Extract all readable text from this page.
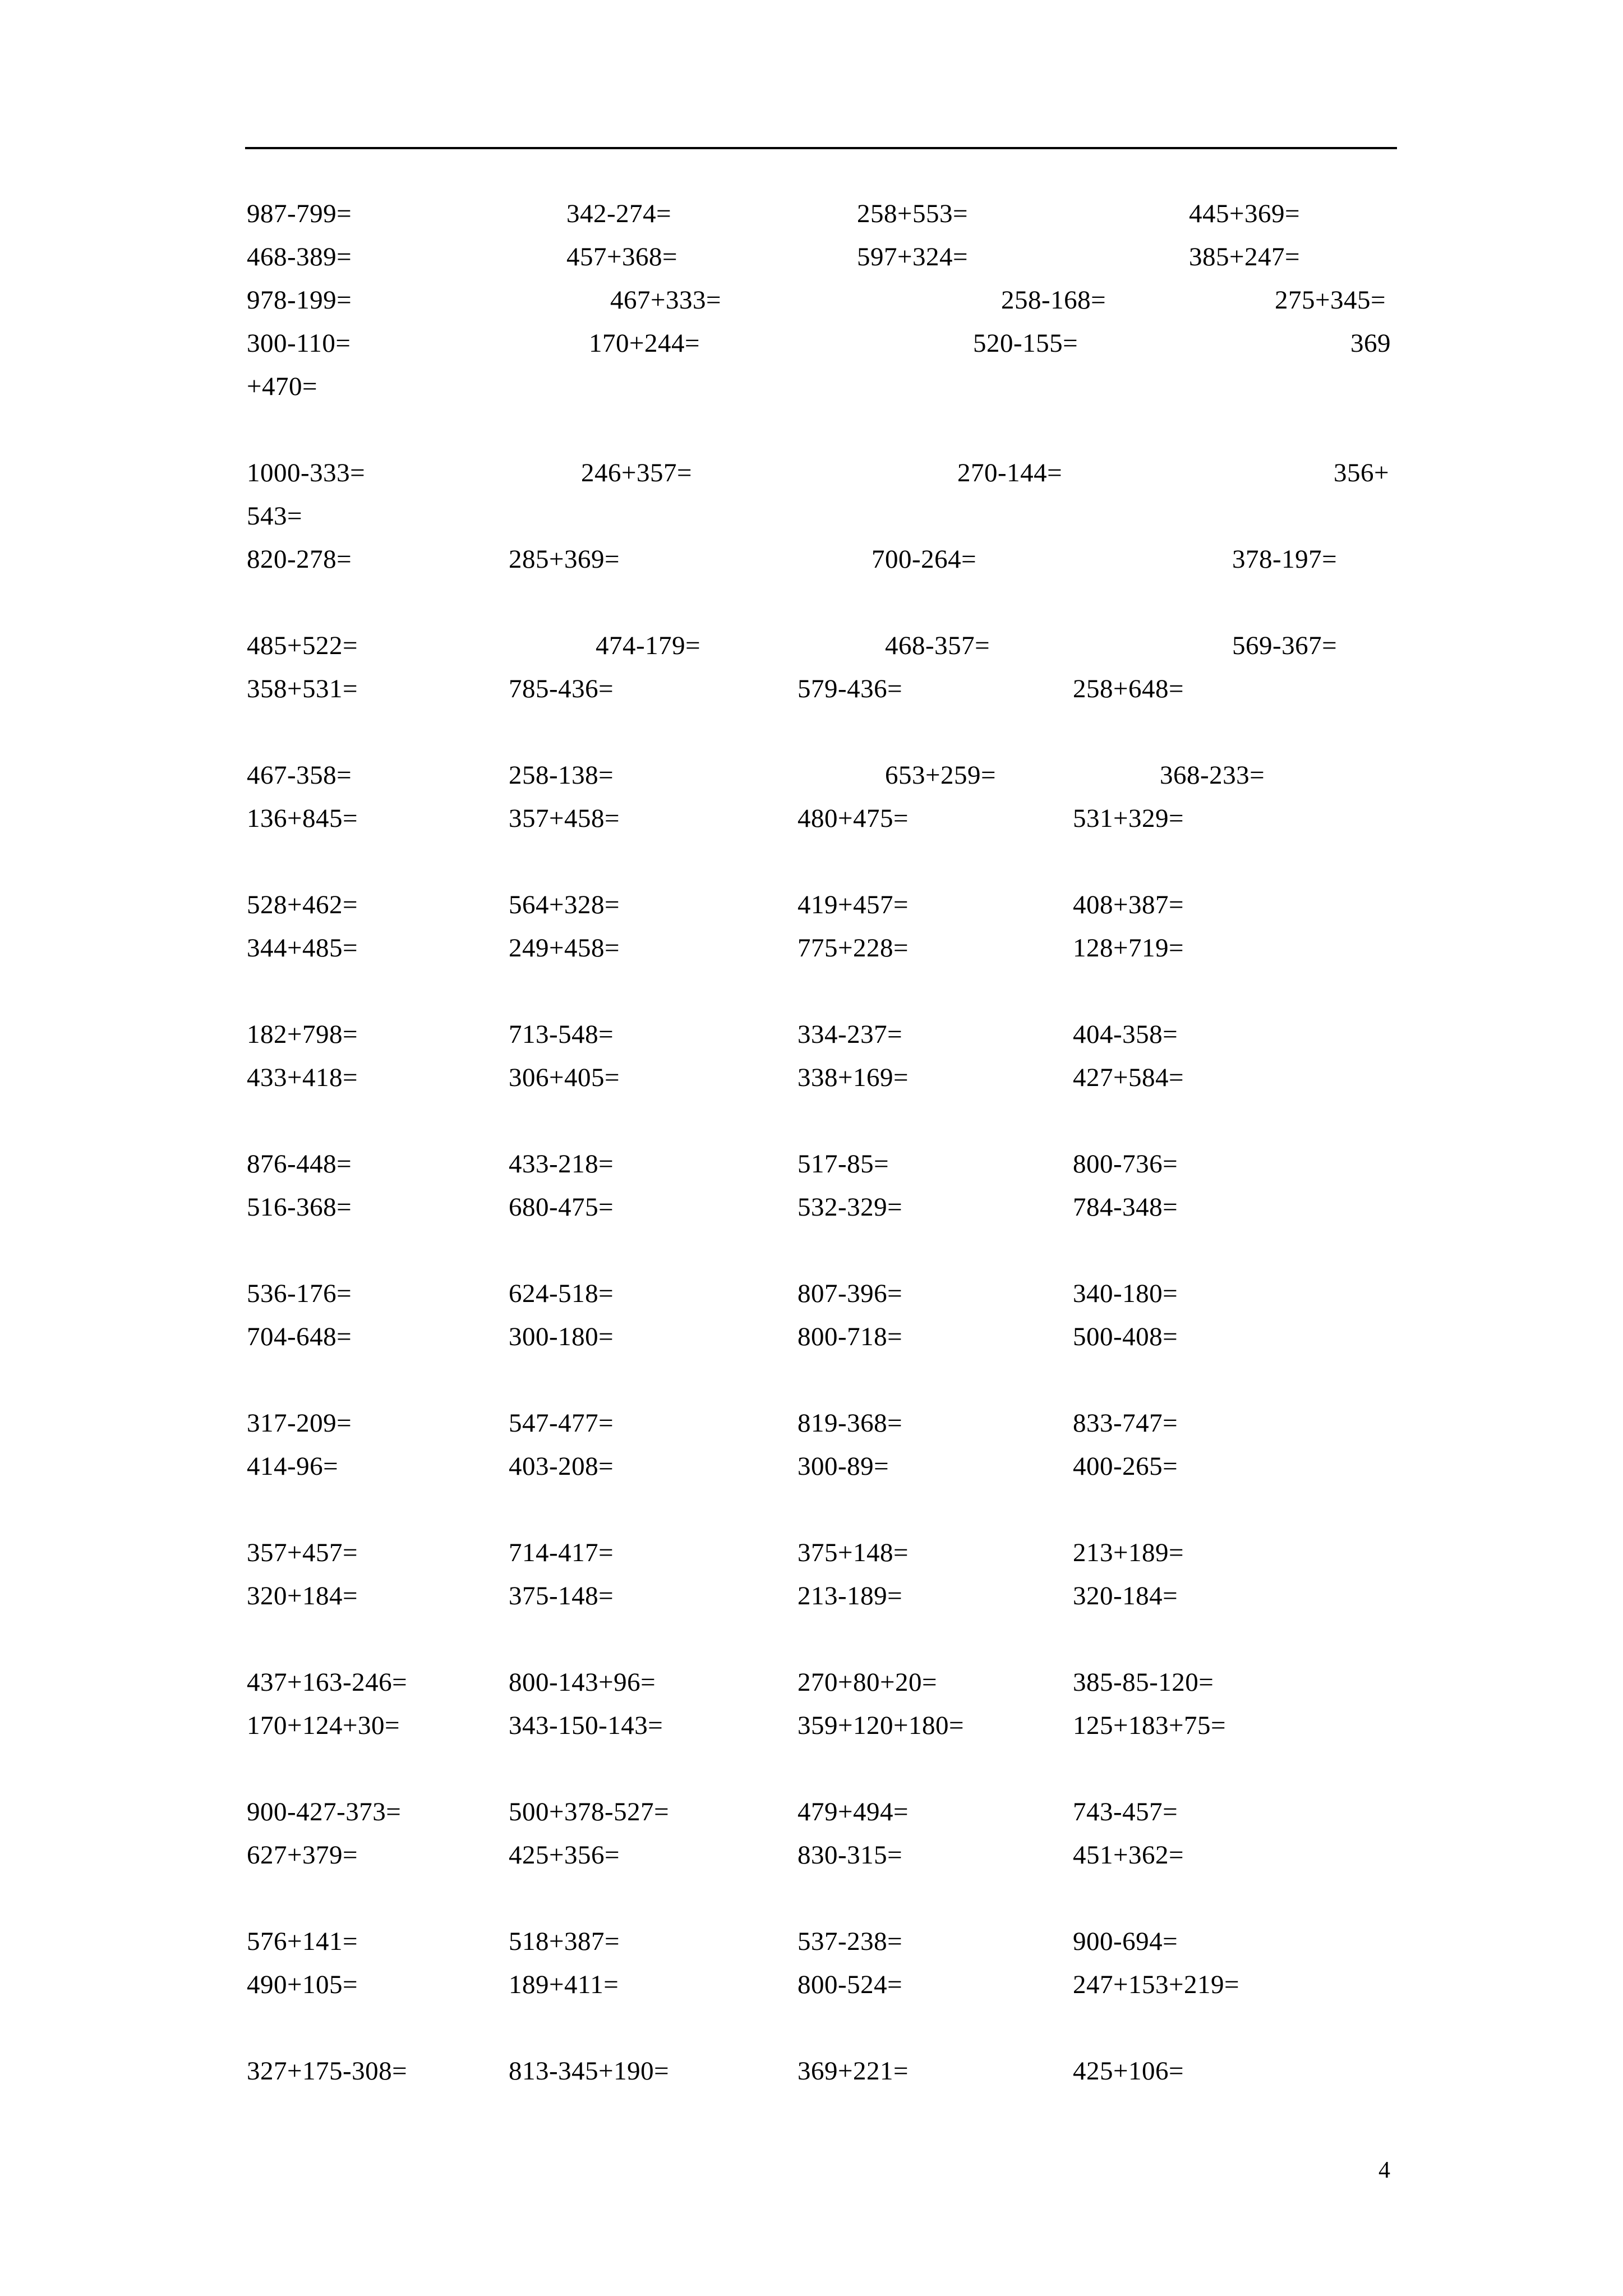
987-799=	342-274=	258+553=	445+369=
468-389=	457+368=	597+324=	385+247=
978-199=	467+333=	258-168=	275+345=
300-110=	170+244=	520-155=	369
+470=
1000-333=	246+357=	270-144=	356+
543=
820-278=	285+369=	700-264=	378-197=
485+522=	474-179=	468-357=	569-367=
358+531=	785-436=	579-436=	258+648=
467-358=	258-138=	653+259=	368-233=
136+845=	357+458=	480+475=	531+329=
528+462=	564+328=	419+457=	408+387=
344+485=	249+458=	775+228=	128+719=
182+798=	713-548=	334-237=	404-358=
433+418=	306+405=	338+169=	427+584=
876-448=	433-218=	517-85=	800-736=
516-368=	680-475=	532-329=	784-348=
536-176=	624-518=	807-396=	340-180=
704-648=	300-180=	800-718=	500-408=
317-209=	547-477=	819-368=	833-747=
414-96=	403-208=	300-89=	400-265=
357+457=	714-417=	375+148=	213+189=
320+184=	375-148=	213-189=	320-184=
437+163-246=	800-143+96=	270+80+20=	385-85-120=
170+124+30=	343-150-143=	359+120+180=	125+183+75=
900-427-373=	500+378-527=	479+494=	743-457=
627+379=	425+356=	830-315=	451+362=
576+141=	518+387=	537-238=	900-694=
490+105=	189+411=	800-524=	247+153+219=
327+175-308=	813-345+190=	369+221=	425+106=
4
